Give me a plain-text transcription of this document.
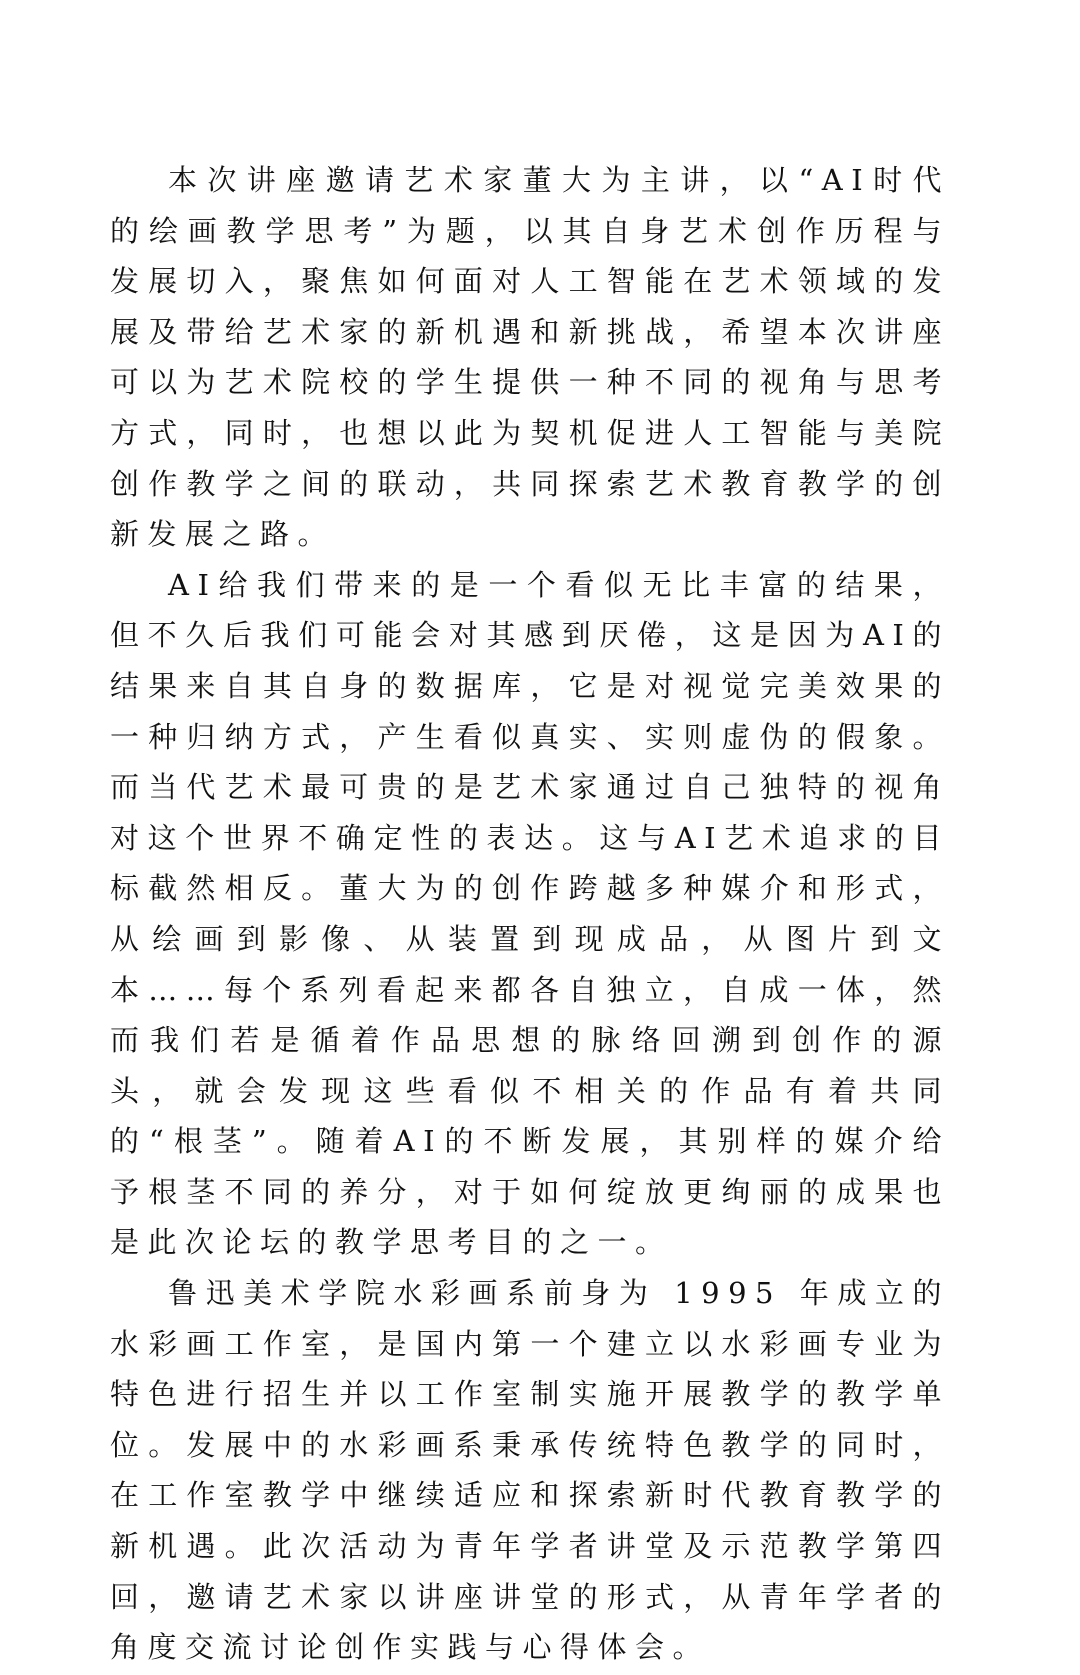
本次讲座邀请艺术家董大为主讲，以“AI时代的绘画教学思考”为题，以其自身艺术创作历程与发展切入，聚焦如何面对人工智能在艺术领域的发展及带给艺术家的新机遇和新挑战，希望本次讲座可以为艺术院校的学生提供一种不同的视角与思考方式，同时，也想以此为契机促进人工智能与美院创作教学之间的联动，共同探索艺术教育教学的创新发展之路。

AI给我们带来的是一个看似无比丰富的结果，但不久后我们可能会对其感到厌倦，这是因为AI的结果来自其自身的数据库，它是对视觉完美效果的一种归纳方式，产生看似真实、实则虚伪的假象。而当代艺术最可贵的是艺术家通过自己独特的视角对这个世界不确定性的表达。这与AI艺术追求的目标截然相反。董大为的创作跨越多种媒介和形式，从绘画到影像、从装置到现成品，从图片到文本……每个系列看起来都各自独立，自成一体，然而我们若是循着作品思想的脉络回溯到创作的源头，就会发现这些看似不相关的作品有着共同的“根茎”。随着AI的不断发展，其别样的媒介给予根茎不同的养分，对于如何绽放更绚丽的成果也是此次论坛的教学思考目的之一。

鲁迅美术学院水彩画系前身为 1995 年成立的水彩画工作室，是国内第一个建立以水彩画专业为特色进行招生并以工作室制实施开展教学的教学单位。发展中的水彩画系秉承传统特色教学的同时，在工作室教学中继续适应和探索新时代教育教学的新机遇。此次活动为青年学者讲堂及示范教学第四回，邀请艺术家以讲座讲堂的形式，从青年学者的角度交流讨论创作实践与心得体会。
